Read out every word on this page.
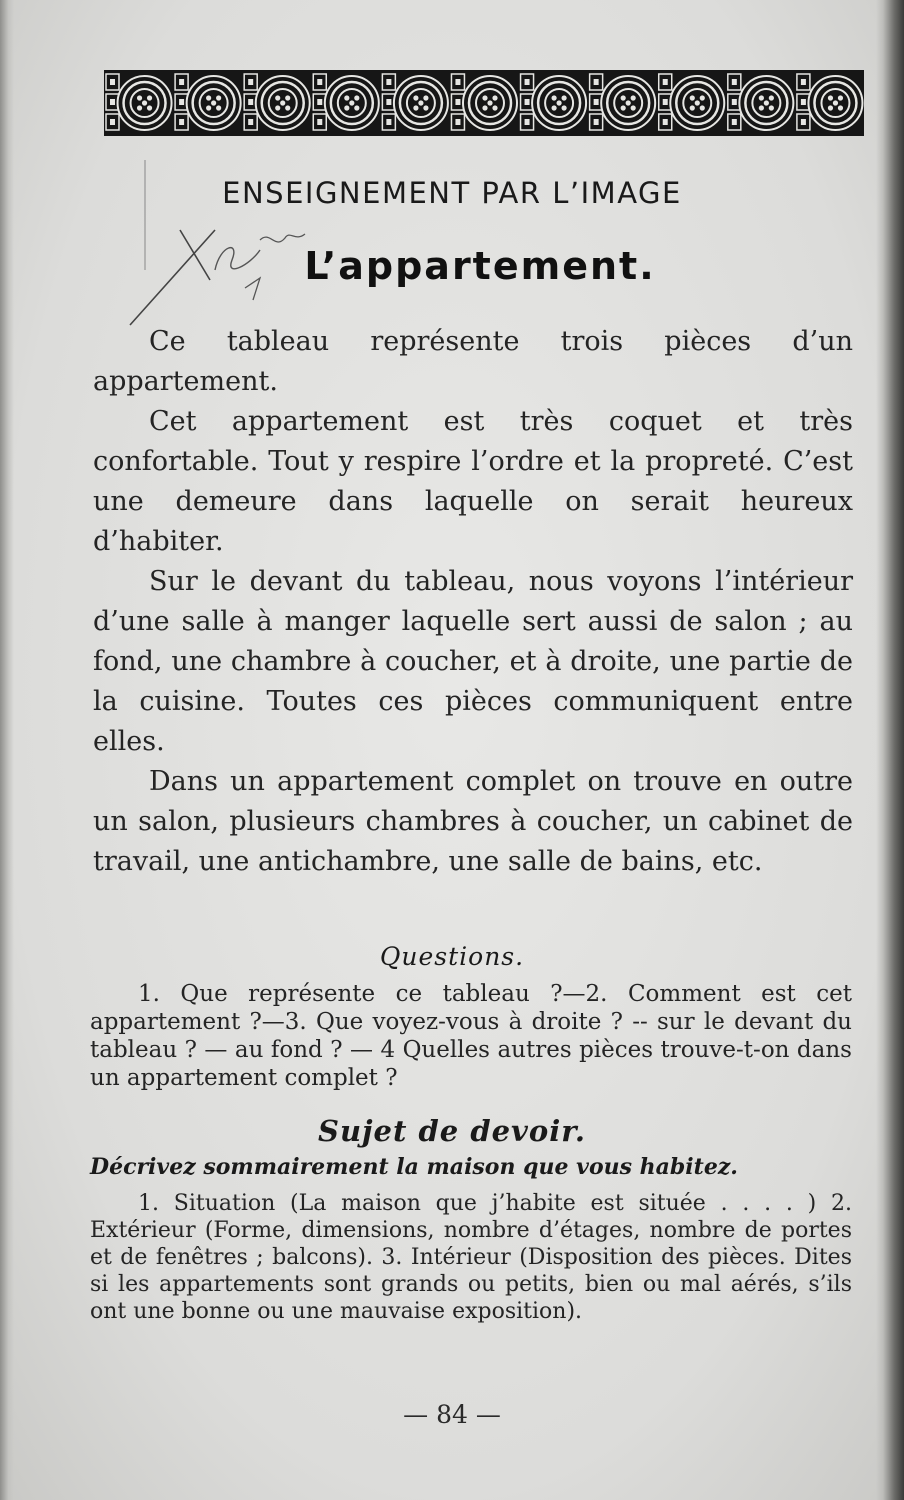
ENSEIGNEMENT PAR L’IMAGE
L’appartement.

Ce tableau représente trois pièces d’un appartement.

Cet appartement est très coquet et très confortable. Tout y respire l’ordre et la propreté. C’est une demeure dans laquelle on serait heureux d’habiter.

Sur le devant du tableau, nous voyons l’intérieur d’une salle à manger laquelle sert aussi de salon ; au fond, une chambre à coucher, et à droite, une partie de la cuisine. Toutes ces pièces communiquent entre elles.

Dans un appartement complet on trouve en outre un salon, plusieurs chambres à coucher, un cabinet de travail, une antichambre, une salle de bains, etc.

Questions.

1. Que représente ce tableau ?—2. Comment est cet appartement ?—3. Que voyez-vous à droite ? -- sur le devant du tableau ? — au fond ? — 4 Quelles autres pièces trouve-t-on dans un appartement complet ?

Sujet de devoir.
Décrivez sommairement la maison que vous habitez.

1. Situation (La maison que j’habite est située . . . . ) 2. Extérieur (Forme, dimensions, nombre d’étages, nombre de portes et de fenêtres ; balcons). 3. Intérieur (Disposition des pièces. Dites si les appartements sont grands ou petits, bien ou mal aérés, s’ils ont une bonne ou une mauvaise exposition).

— 84 —
